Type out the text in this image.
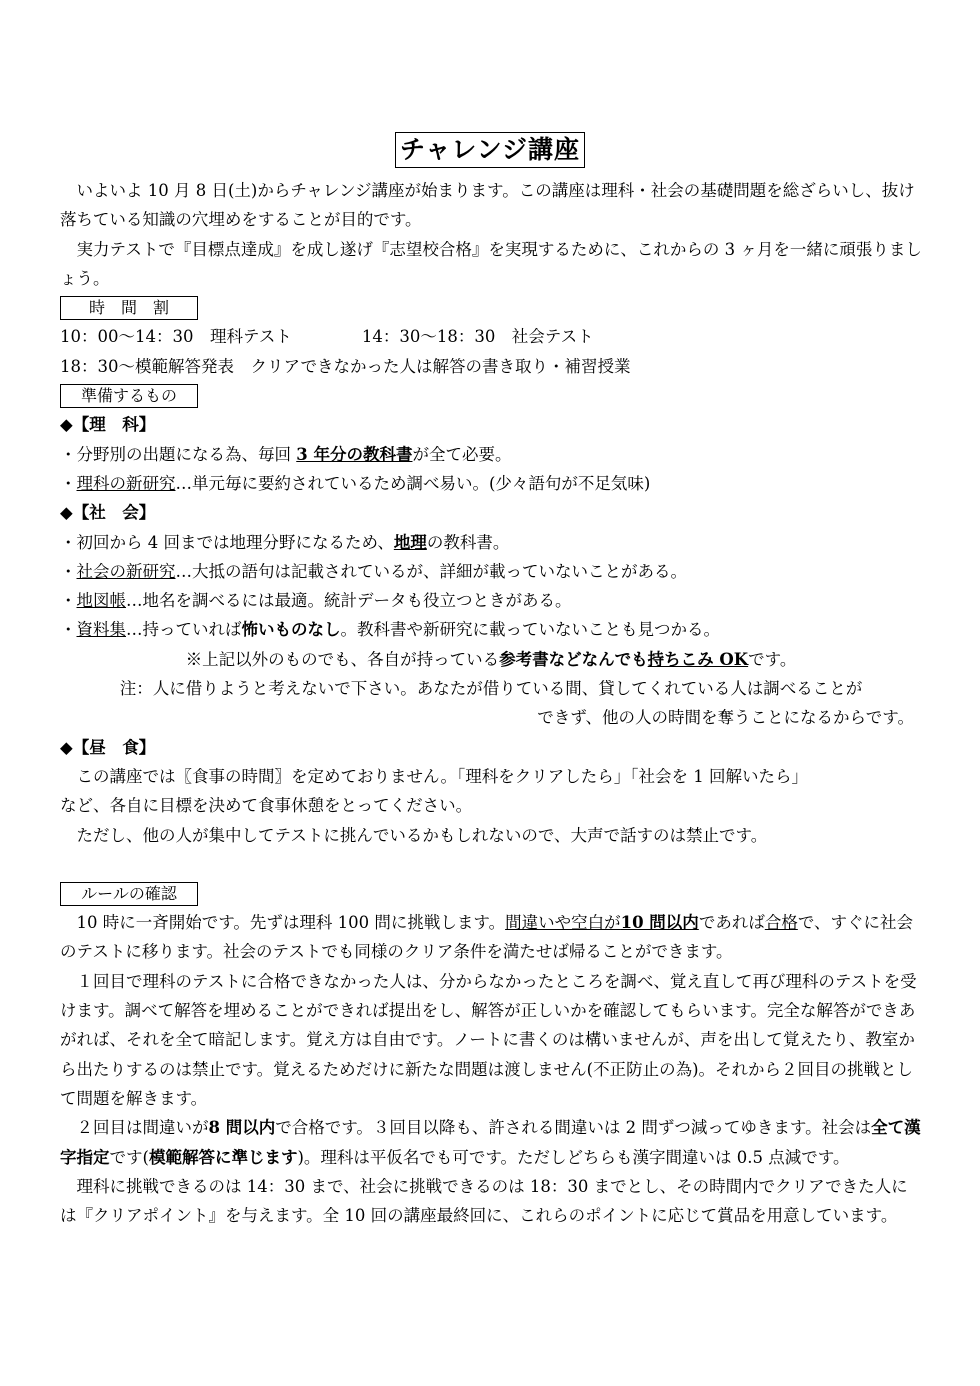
チャレンジ講座

いよいよ 10 月 8 日(土)からチャレンジ講座が始まります。この講座は理科・社会の基礎問題を総ざらいし、抜け落ちている知識の穴埋めをすることが目的です。

実力テストで『目標点達成』を成し遂げ『志望校合格』を実現するために、これからの 3 ヶ月を一緒に頑張りましょう。

時　間　割

10：00～14：30　理科テスト	14：30～18：30　社会テスト

18：30～模範解答発表　クリアできなかった人は解答の書き取り・補習授業

準備するもの

◆【理　科】

・分野別の出題になる為、毎回 3 年分の教科書が全て必要。

・理科の新研究…単元毎に要約されているため調べ易い。(少々語句が不足気味)

◆【社　会】

・初回から 4 回までは地理分野になるため、地理の教科書。

・社会の新研究…大抵の語句は記載されているが、詳細が載っていないことがある。

・地図帳…地名を調べるには最適。統計データも役立つときがある。

・資料集…持っていれば怖いものなし。教科書や新研究に載っていないことも見つかる。

※上記以外のものでも、各自が持っている参考書などなんでも持ちこみ OKです。

注：人に借りようと考えないで下さい。あなたが借りている間、貸してくれている人は調べることが

できず、他の人の時間を奪うことになるからです。

◆【昼　食】

この講座では〖食事の時間〗を定めておりません。「理科をクリアしたら」「社会を 1 回解いたら」

など、各自に目標を決めて食事休憩をとってください。

ただし、他の人が集中してテストに挑んでいるかもしれないので、大声で話すのは禁止です。

ルールの確認

10 時に一斉開始です。先ずは理科 100 問に挑戦します。間違いや空白が10 問以内であれば合格で、すぐに社会のテストに移ります。社会のテストでも同様のクリア条件を満たせば帰ることができます。

１回目で理科のテストに合格できなかった人は、分からなかったところを調べ、覚え直して再び理科のテストを受けます。調べて解答を埋めることができれば提出をし、解答が正しいかを確認してもらいます。完全な解答ができあがれば、それを全て暗記します。覚え方は自由です。ノートに書くのは構いませんが、声を出して覚えたり、教室から出たりするのは禁止です。覚えるためだけに新たな問題は渡しません(不正防止の為)。それから２回目の挑戦として問題を解きます。

２回目は間違いが8 問以内で合格です。３回目以降も、許される間違いは 2 問ずつ減ってゆきます。社会は全て漢字指定です(模範解答に準じます)。理科は平仮名でも可です。ただしどちらも漢字間違いは 0.5 点減です。

理科に挑戦できるのは 14：30 まで、社会に挑戦できるのは 18：30 までとし、その時間内でクリアできた人には『クリアポイント』を与えます。全 10 回の講座最終回に、これらのポイントに応じて賞品を用意しています。
